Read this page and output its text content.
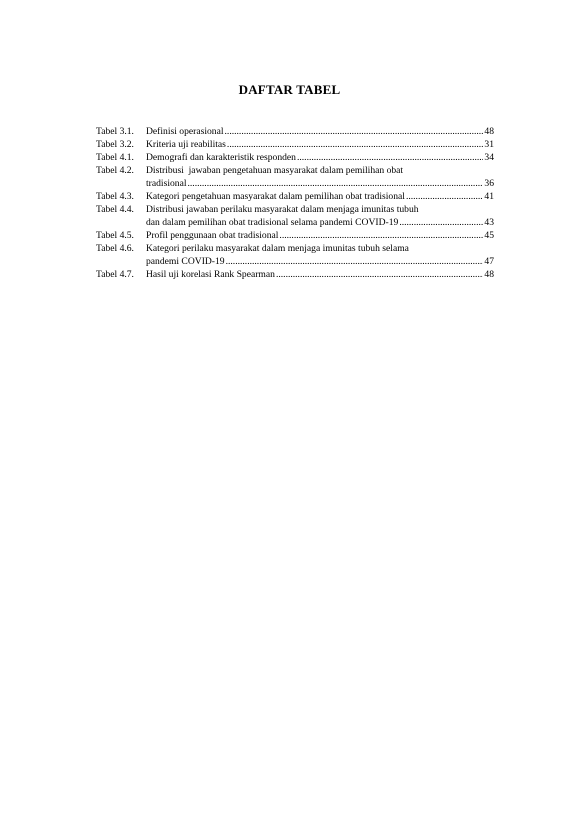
DAFTAR TABEL
Tabel 3.1.	Definisi operasional .....	48
Tabel 3.2.	Kriteria uji reabilitas .....	31
Tabel 4.1.	Demografi dan karakteristik responden .....	34
Tabel 4.2.	Distribusi  jawaban pengetahuan masyarakat dalam pemilihan obat
tradisional .....	36
Tabel 4.3.	Kategori pengetahuan masyarakat dalam pemilihan obat tradisional .....	41
Tabel 4.4.	Distribusi jawaban perilaku masyarakat dalam menjaga imunitas tubuh
dan dalam pemilihan obat tradisional selama pandemi COVID-19 .....	43
Tabel 4.5.	Profil penggunaan obat tradisional .....	45
Tabel 4.6.	Kategori perilaku masyarakat dalam menjaga imunitas tubuh selama
pandemi COVID-19 .....	47
Tabel 4.7.	Hasil uji korelasi Rank Spearman .....	48
